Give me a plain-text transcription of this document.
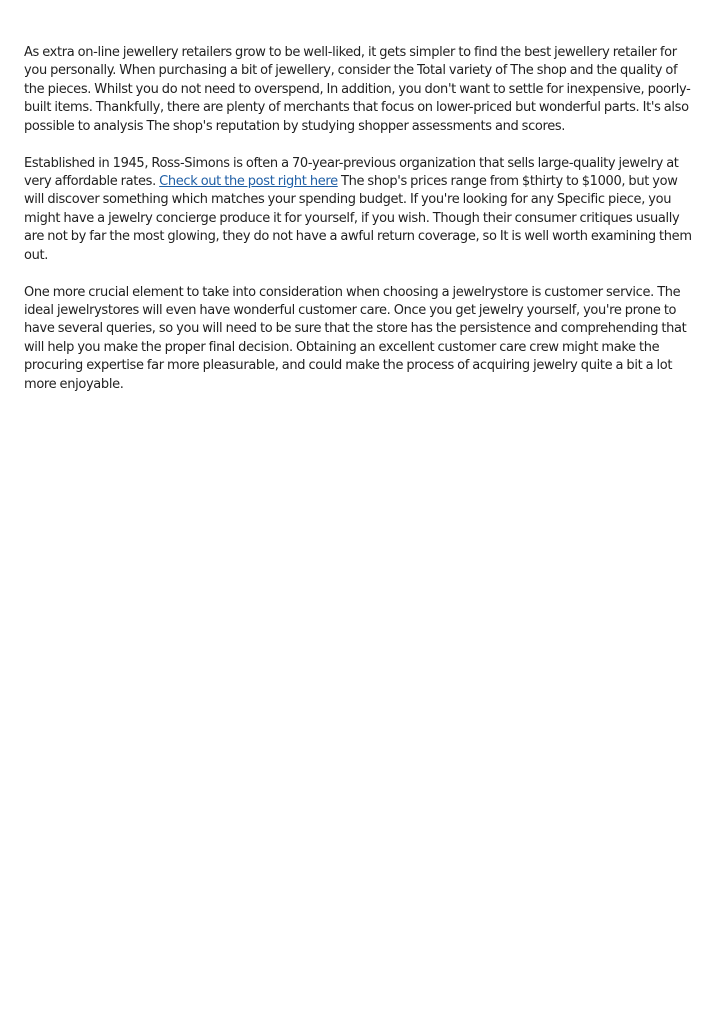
As extra on-line jewellery retailers grow to be well-liked, it gets simpler to find the best jewellery retailer for you personally. When purchasing a bit of jewellery, consider the Total variety of The shop and the quality of the pieces. Whilst you do not need to overspend, In addition, you don't want to settle for inexpensive, poorly-built items. Thankfully, there are plenty of merchants that focus on lower-priced but wonderful parts. It's also possible to analysis The shop's reputation by studying shopper assessments and scores.

Established in 1945, Ross-Simons is often a 70-year-previous organization that sells large-quality jewelry at very affordable rates. Check out the post right here The shop's prices range from $thirty to $1000, but yow will discover something which matches your spending budget. If you're looking for any Specific piece, you might have a jewelry concierge produce it for yourself, if you wish. Though their consumer critiques usually are not by far the most glowing, they do not have a awful return coverage, so It is well worth examining them out.

One more crucial element to take into consideration when choosing a jewelrystore is customer service. The ideal jewelrystores will even have wonderful customer care. Once you get jewelry yourself, you're prone to have several queries, so you will need to be sure that the store has the persistence and comprehending that will help you make the proper final decision. Obtaining an excellent customer care crew might make the procuring expertise far more pleasurable, and could make the process of acquiring jewelry quite a bit a lot more enjoyable.
